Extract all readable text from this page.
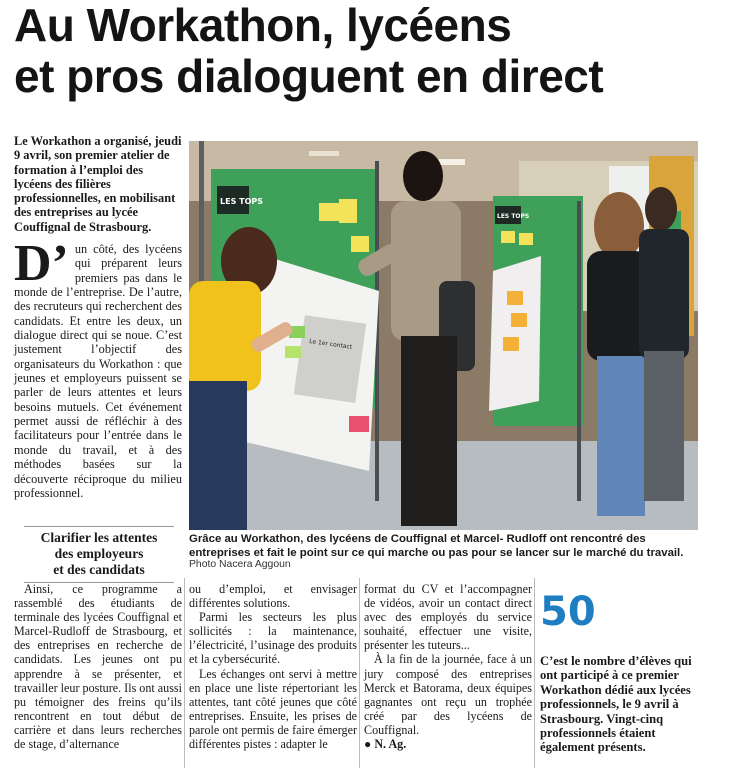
Au Workathon, lycéens
et pros dialoguent en direct
Le Workathon a organisé, jeudi 9 avril, son premier atelier de formation à l’emploi des lycéens des filières professionnelles, en mobilisant des entreprises au lycée Couffignal de Strasbourg.
D’ un côté, des lycéens qui préparent leurs premiers pas dans le monde de l’entreprise. De l’autre, des recruteurs qui recherchent des candidats. Et entre les deux, un dialogue direct qui se noue. C’est justement l’objectif des organisateurs du Workathon : que jeunes et employeurs puissent se parler de leurs attentes et leurs besoins mutuels. Cet événement permet aussi de réfléchir à des facilitateurs pour l’entrée dans le monde du travail, et à des méthodes basées sur la découverte réciproque du milieu professionnel.
LES TOPS
Le 1er contact
LES TOPS
Grâce au Workathon, des lycéens de Couffignal et Marcel- Rudloff ont rencontré des entreprises et fait le point sur ce qui marche ou pas pour se lancer sur le marché du travail.
Photo Nacera Aggoun
Clarifier les attentes
des employeurs
et des candidats

Ainsi, ce programme a rassemblé des étudiants de terminale des lycées Couffignal et Marcel-Rudloff de Strasbourg, et des entreprises en recherche de candidats. Les jeunes ont pu apprendre à se présenter, et travailler leur posture. Ils ont aussi pu témoigner des freins qu’ils rencontrent en tout début de carrière et dans leurs recherches de stage, d’alternance

ou d’emploi, et envisager différentes solutions.

Parmi les secteurs les plus sollicités : la maintenance, l’électricité, l’usinage des produits et la cybersécurité.

Les échanges ont servi à mettre en place une liste répertoriant les attentes, tant côté jeunes que côté entreprises. Ensuite, les prises de parole ont permis de faire émerger différentes pistes : adapter le

format du CV et l’accompagner de vidéos, avoir un contact direct avec des employés du service souhaité, effectuer une visite, présenter les tuteurs...

À la fin de la journée, face à un jury composé des entreprises Merck et Batorama, deux équipes gagnantes ont reçu un trophée créé par des lycéens de Couffignal.

● N. Ag.

50
C’est le nombre d’élèves qui ont participé à ce premier Workathon dédié aux lycées professionnels, le 9 avril à Strasbourg. Vingt-cinq professionnels étaient également présents.
